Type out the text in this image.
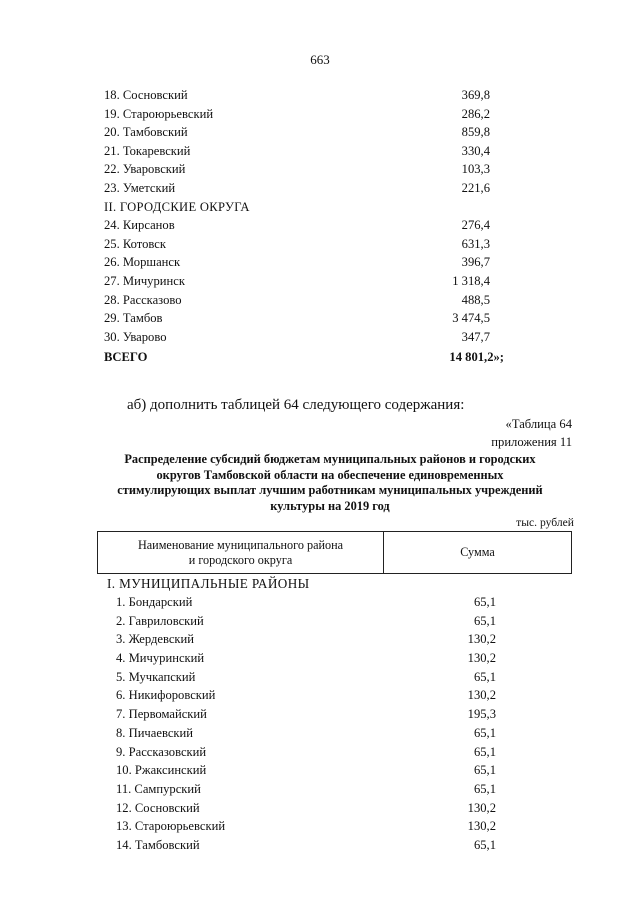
663
18. Сосновский	369,8
19. Староюрьевский	286,2
20. Тамбовский	859,8
21. Токаревский	330,4
22. Уваровский	103,3
23. Уметский	221,6
II. ГОРОДСКИЕ ОКРУГА
24. Кирсанов	276,4
25. Котовск	631,3
26. Моршанск	396,7
27. Мичуринск	1 318,4
28. Рассказово	488,5
29. Тамбов	3 474,5
30. Уварово	347,7
ВСЕГО	14 801,2»;
аб) дополнить таблицей 64 следующего содержания:
«Таблица 64
приложения 11
Распределение субсидий бюджетам муниципальных районов и городских округов Тамбовской области на обеспечение единовременных стимулирующих выплат лучшим работникам муниципальных учреждений культуры на 2019 год
тыс. рублей
Наименование муниципального района
и городского округа
Сумма
I. МУНИЦИПАЛЬНЫЕ РАЙОНЫ
1. Бондарский	65,1
2. Гавриловский	65,1
3. Жердевский	130,2
4. Мичуринский	130,2
5. Мучкапский	65,1
6. Никифоровский	130,2
7. Первомайский	195,3
8. Пичаевский	65,1
9. Рассказовский	65,1
10. Ржаксинский	65,1
11. Сампурский	65,1
12. Сосновский	130,2
13. Староюрьевский	130,2
14. Тамбовский	65,1
